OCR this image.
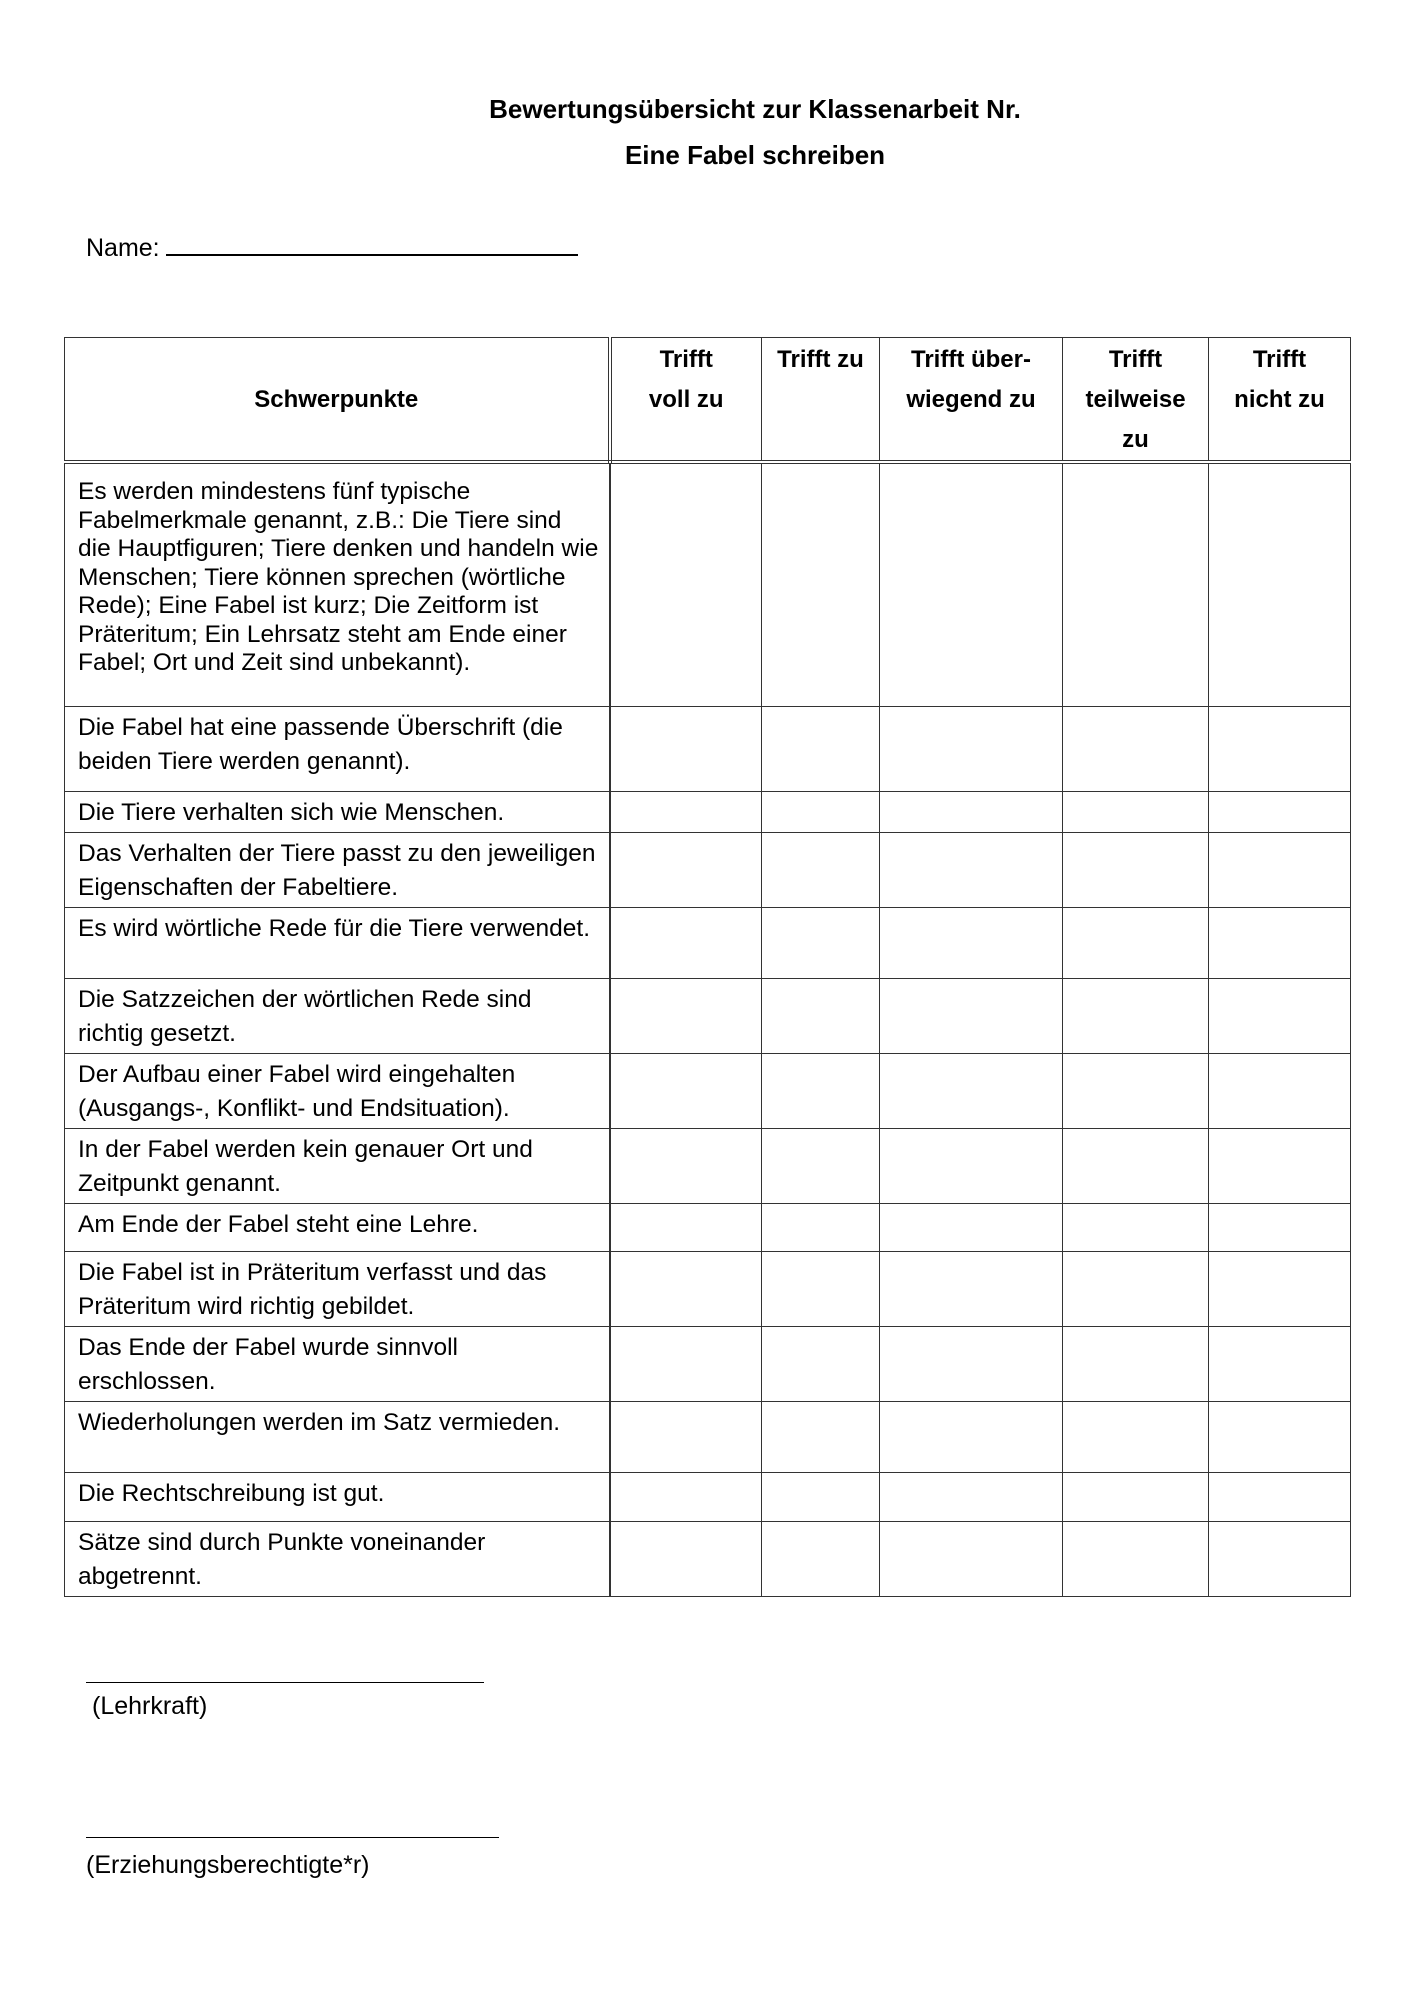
Bewertungsübersicht zur Klassenarbeit Nr.
Eine Fabel schreiben
Name:
Schwerpunkte	Trifft voll zu	Trifft zu	Trifft über-wiegend zu	Trifft teilweise zu	Trifft nicht zu

Es werden mindestens fünf typische Fabelmerkmale genannt, z.B.: Die Tiere sind die Hauptfiguren; Tiere denken und handeln wie Menschen; Tiere können sprechen (wörtliche Rede); Eine Fabel ist kurz; Die Zeitform ist Präteritum; Ein Lehrsatz steht am Ende einer Fabel; Ort und Zeit sind unbekannt).					
Die Fabel hat eine passende Überschrift (die beiden Tiere werden genannt).					
Die Tiere verhalten sich wie Menschen.					
Das Verhalten der Tiere passt zu den jeweiligen Eigenschaften der Fabeltiere.					
Es wird wörtliche Rede für die Tiere verwendet.					
Die Satzzeichen der wörtlichen Rede sind richtig gesetzt.					
Der Aufbau einer Fabel wird eingehalten (Ausgangs-, Konflikt- und Endsituation).					
In der Fabel werden kein genauer Ort und Zeitpunkt genannt.					
Am Ende der Fabel steht eine Lehre.					
Die Fabel ist in Präteritum verfasst und das Präteritum wird richtig gebildet.					
Das Ende der Fabel wurde sinnvoll erschlossen.					
Wiederholungen werden im Satz vermieden.					
Die Rechtschreibung ist gut.					
Sätze sind durch Punkte voneinander abgetrennt.					
(Lehrkraft)
(Erziehungsberechtigte*r)
